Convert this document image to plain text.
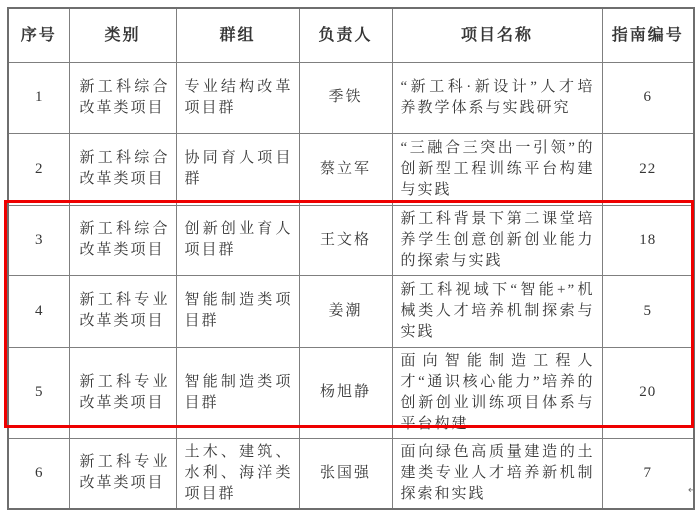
序号	类别	群组	负责人	项目名称	指南编号
1	新工科综合改革类项目	专业结构改革项目群	季铁	“新工科·新设计”人才培养教学体系与实践研究	6
2	新工科综合改革类项目	协同育人项目群	蔡立军	“三融合三突出一引领”的创新型工程训练平台构建与实践	22
3	新工科综合改革类项目	创新创业育人项目群	王文格	新工科背景下第二课堂培养学生创意创新创业能力的探索与实践	18
4	新工科专业改革类项目	智能制造类项目群	姜潮	新工科视域下“智能+”机械类人才培养机制探索与实践	5
5	新工科专业改革类项目	智能制造类项目群	杨旭静	面向智能制造工程人才“通识核心能力”培养的创新创业训练项目体系与平台构建	20
6	新工科专业改革类项目	土木、建筑、水利、海洋类项目群	张国强	面向绿色高质量建造的土建类专业人才培养新机制探索和实践	7
↵
